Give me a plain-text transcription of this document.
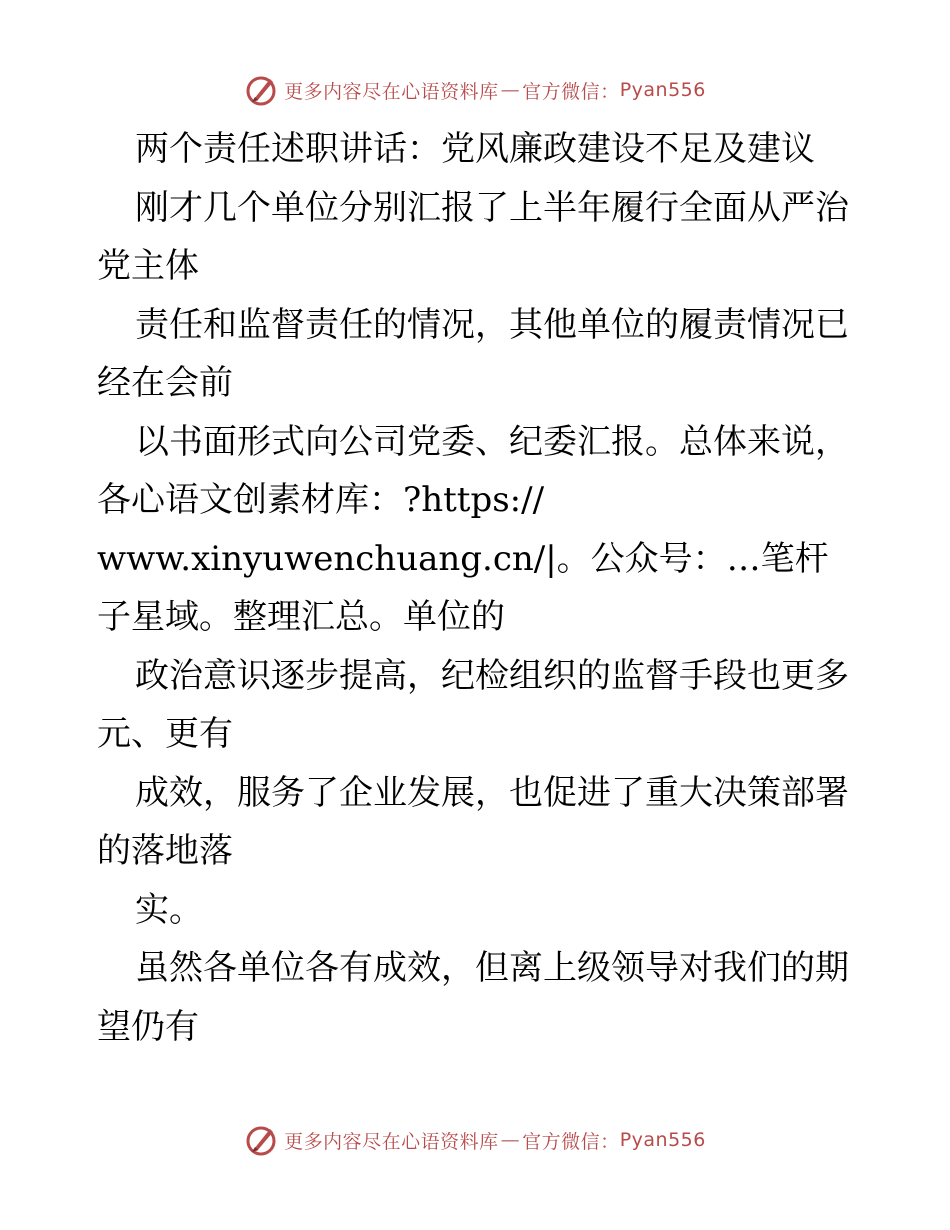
更多内容尽在心语资料库 — 官方微信： Pyan556

两个责任述职讲话：党风廉政建设不足及建议

刚才几个单位分别汇报了上半年履行全面从严治党主体

责任和监督责任的情况，其他单位的履责情况已经在会前

以书面形式向公司党委、纪委汇报。总体来说，各心语文创素材库：?https://

www.xinyuwenchuang.cn/|。公众号：…笔杆子星域。整理汇总。单位的

政治意识逐步提高，纪检组织的监督手段也更多元、更有

成效，服务了企业发展，也促进了重大决策部署的落地落

实。

虽然各单位各有成效，但离上级领导对我们的期望仍有

更多内容尽在心语资料库 — 官方微信： Pyan556
